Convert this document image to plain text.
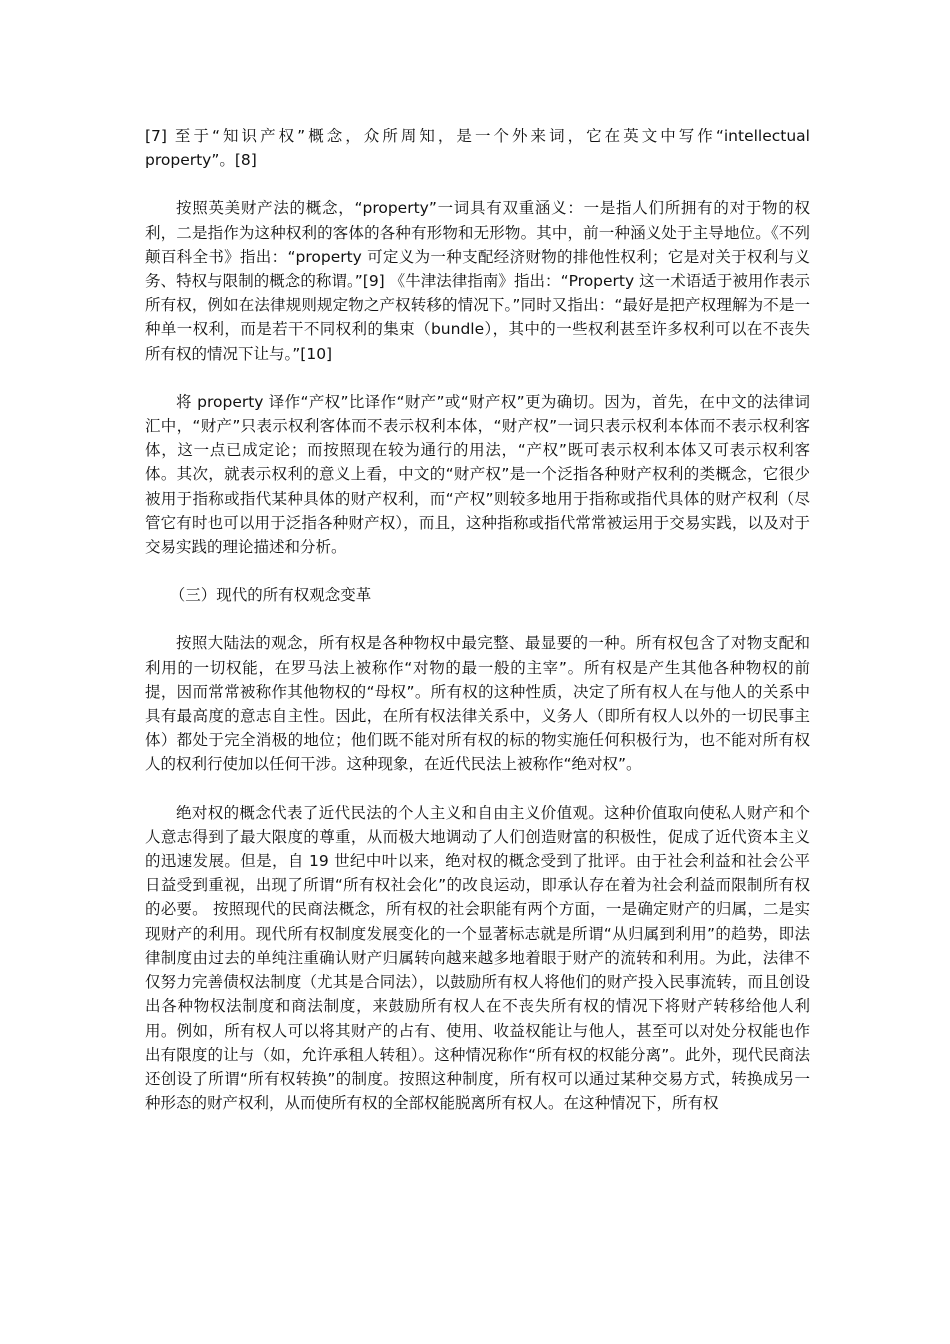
[7] 至于“知识产权”概念，众所周知，是一个外来词，它在英文中写作“intellectual property”。[8]

按照英美财产法的概念，“property”一词具有双重涵义：一是指人们所拥有的对于物的权利，二是指作为这种权利的客体的各种有形物和无形物。其中，前一种涵义处于主导地位。《不列颠百科全书》指出：“property 可定义为一种支配经济财物的排他性权利；它是对关于权利与义务、特权与限制的概念的称谓。”[9] 《牛津法律指南》指出：“Property 这一术语适于被用作表示所有权，例如在法律规则规定物之产权转移的情况下。”同时又指出：“最好是把产权理解为不是一种单一权利，而是若干不同权利的集束（bundle），其中的一些权利甚至许多权利可以在不丧失所有权的情况下让与。”[10]

将 property 译作“产权”比译作“财产”或“财产权”更为确切。因为，首先，在中文的法律词汇中，“财产”只表示权利客体而不表示权利本体，“财产权”一词只表示权利本体而不表示权利客体，这一点已成定论；而按照现在较为通行的用法，“产权”既可表示权利本体又可表示权利客体。其次，就表示权利的意义上看，中文的“财产权”是一个泛指各种财产权利的类概念，它很少被用于指称或指代某种具体的财产权利，而“产权”则较多地用于指称或指代具体的财产权利（尽管它有时也可以用于泛指各种财产权），而且，这种指称或指代常常被运用于交易实践，以及对于交易实践的理论描述和分析。

（三）现代的所有权观念变革

按照大陆法的观念，所有权是各种物权中最完整、最显要的一种。所有权包含了对物支配和利用的一切权能，在罗马法上被称作“对物的最一般的主宰”。所有权是产生其他各种物权的前提，因而常常被称作其他物权的“母权”。所有权的这种性质，决定了所有权人在与他人的关系中具有最高度的意志自主性。因此，在所有权法律关系中，义务人（即所有权人以外的一切民事主体）都处于完全消极的地位；他们既不能对所有权的标的物实施任何积极行为，也不能对所有权人的权利行使加以任何干涉。这种现象，在近代民法上被称作“绝对权”。

绝对权的概念代表了近代民法的个人主义和自由主义价值观。这种价值取向使私人财产和个人意志得到了最大限度的尊重，从而极大地调动了人们创造财富的积极性，促成了近代资本主义的迅速发展。但是，自 19 世纪中叶以来，绝对权的概念受到了批评。由于社会利益和社会公平日益受到重视，出现了所谓“所有权社会化”的改良运动，即承认存在着为社会利益而限制所有权的必要。 按照现代的民商法概念，所有权的社会职能有两个方面，一是确定财产的归属，二是实现财产的利用。现代所有权制度发展变化的一个显著标志就是所谓“从归属到利用”的趋势，即法律制度由过去的单纯注重确认财产归属转向越来越多地着眼于财产的流转和利用。为此，法律不仅努力完善债权法制度（尤其是合同法），以鼓励所有权人将他们的财产投入民事流转，而且创设出各种物权法制度和商法制度，来鼓励所有权人在不丧失所有权的情况下将财产转移给他人利用。例如，所有权人可以将其财产的占有、使用、收益权能让与他人，甚至可以对处分权能也作出有限度的让与（如，允许承租人转租）。这种情况称作“所有权的权能分离”。此外，现代民商法还创设了所谓“所有权转换”的制度。按照这种制度，所有权可以通过某种交易方式，转换成另一种形态的财产权利，从而使所有权的全部权能脱离所有权人。在这种情况下，所有权
